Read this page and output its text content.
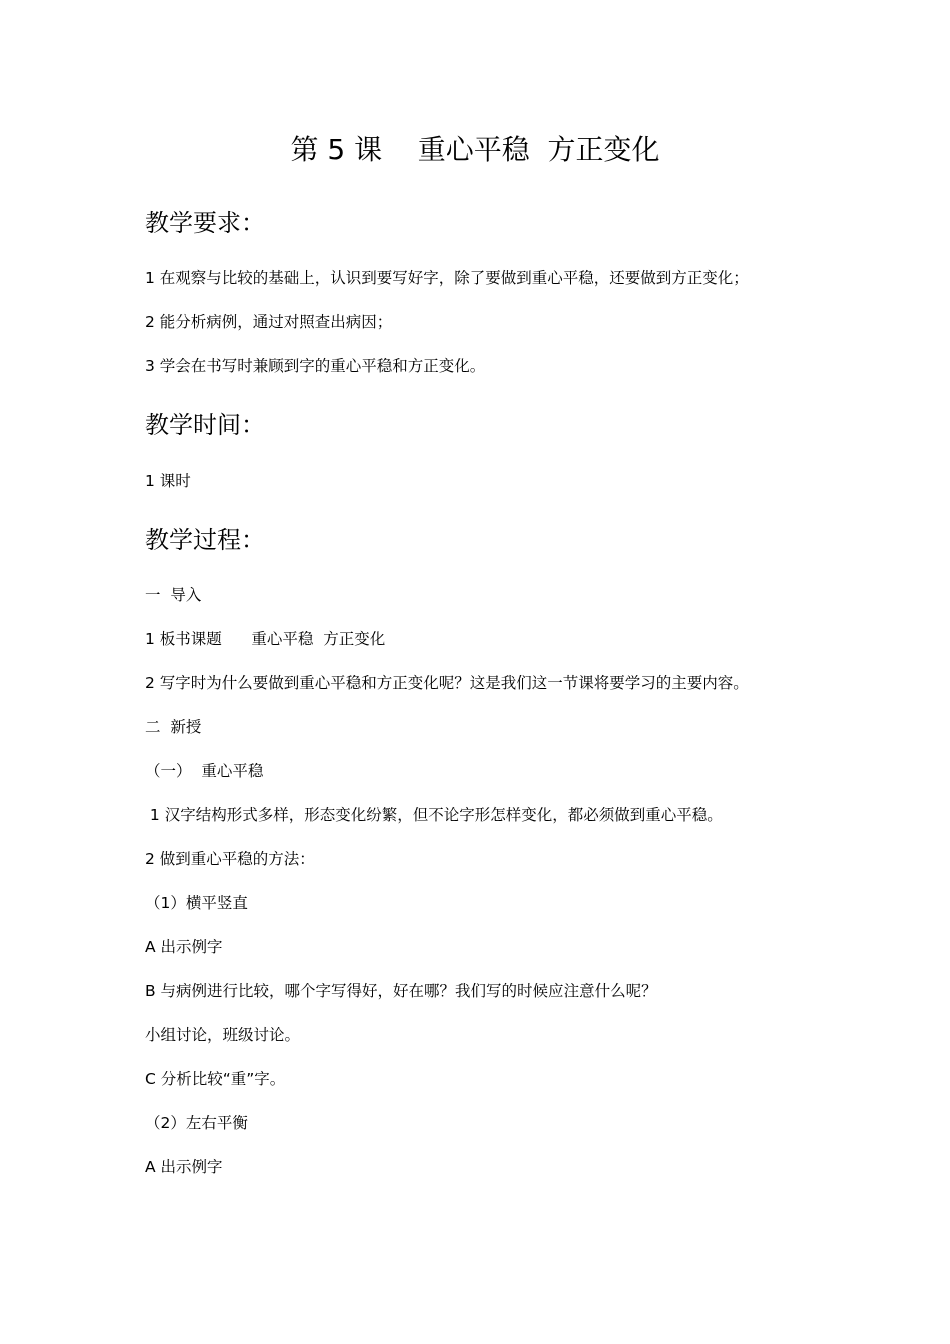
第 5 课    重心平稳  方正变化
教学要求：
1 在观察与比较的基础上，认识到要写好字，除了要做到重心平稳，还要做到方正变化；
2 能分析病例，通过对照查出病因；
3 学会在书写时兼顾到字的重心平稳和方正变化。
教学时间：
1 课时
教学过程：
一  导入
1 板书课题      重心平稳  方正变化
2 写字时为什么要做到重心平稳和方正变化呢？这是我们这一节课将要学习的主要内容。
二  新授
（一）  重心平稳
1 汉字结构形式多样，形态变化纷繁，但不论字形怎样变化，都必须做到重心平稳。
2 做到重心平稳的方法：
（1）横平竖直
A 出示例字
B 与病例进行比较，哪个字写得好，好在哪？我们写的时候应注意什么呢？
小组讨论，班级讨论。
C 分析比较“重”字。
（2）左右平衡
A 出示例字
